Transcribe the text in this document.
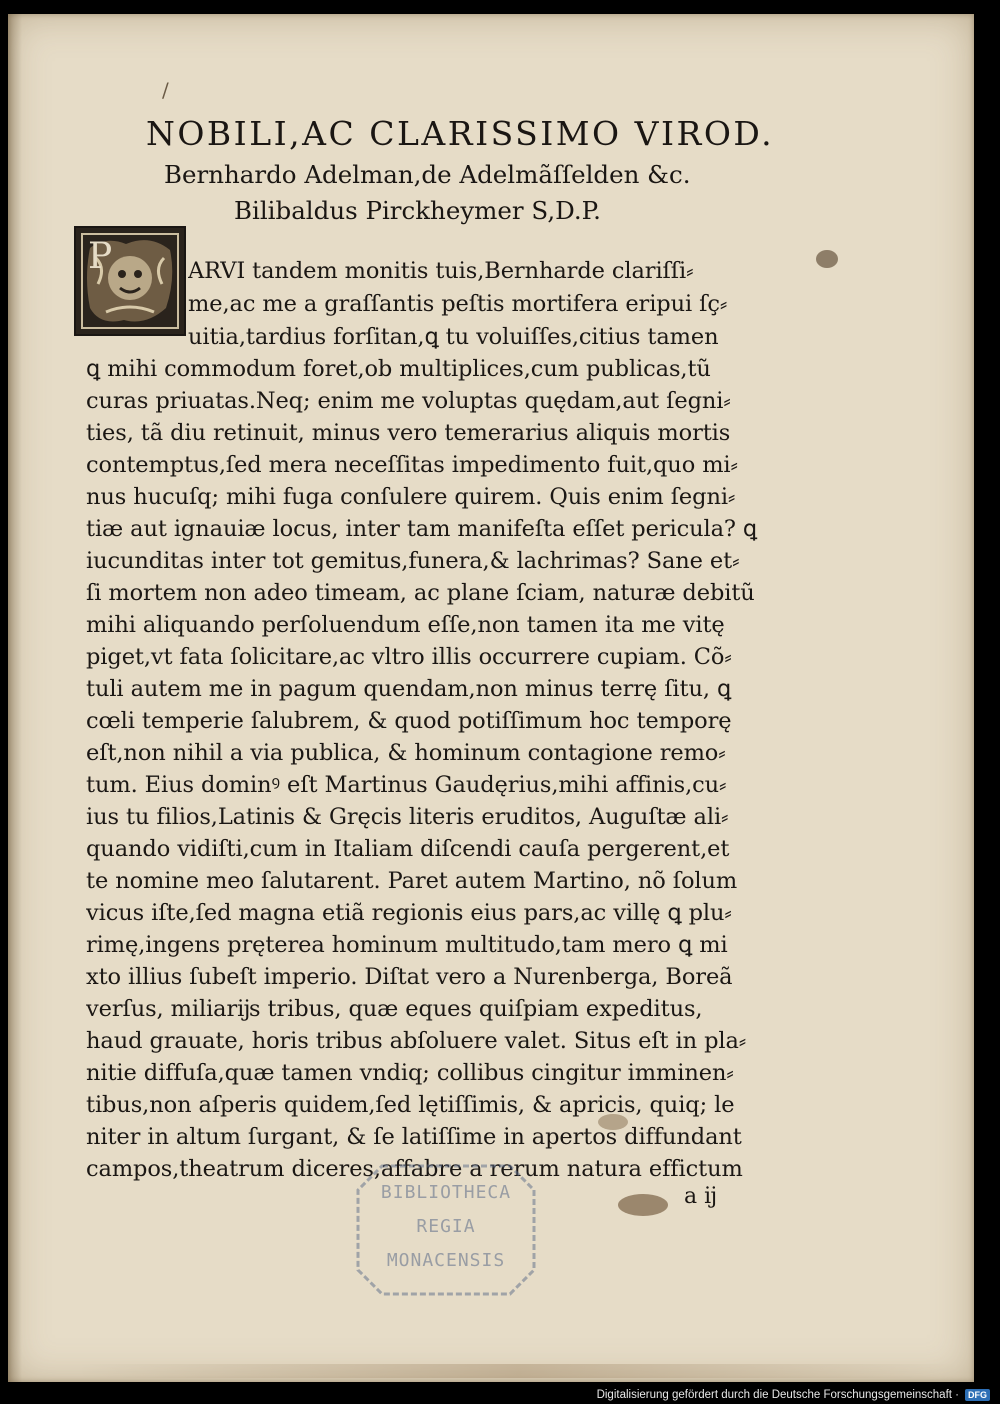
/
NOBILI,AC CLARISSIMO VIROD.
Bernhardo Adelman,de Adelmãſſelden &c.
Bilibaldus Pirckheymer S,D.P.
P	ARVI tandem monitis tuis,Bernharde clariſſi⸗
me,ac me a graſſantis peſtis mortifera eripui ſç⸗
uitia,tardius forſitan,ꝗ tu voluiſſes,citius tamen
ꝗ mihi commodum foret,ob multiplices,cum publicas,tũ
curas priuatas.Neq; enim me voluptas quędam,aut ſegni⸗
ties, tã diu retinuit, minus vero temerarius aliquis mortis
contemptus,ſed mera neceſſitas impedimento fuit,quo mi⸗
nus hucuſq; mihi fuga conſulere quirem. Quis enim ſegni⸗
tiæ aut ignauiæ locus, inter tam manifeſta eſſet pericula? ꝗ
iucunditas inter tot gemitus,funera,& lachrimas? Sane et⸗
ſi mortem non adeo timeam, ac plane ſciam, naturæ debitũ
mihi aliquando perſoluendum eſſe,non tamen ita me vitę
piget,vt fata ſolicitare,ac vltro illis occurrere cupiam. Cõ⸗
tuli autem me in pagum quendam,non minus terrę ſitu, ꝗ
cœli temperie ſalubrem, & quod potiſſimum hoc temporę
eſt,non nihil a via publica, & hominum contagione remo⸗
tum. Eius dominꝰ eſt Martinus Gaudęrius,mihi affinis,cu⸗
ius tu filios,Latinis & Gręcis literis eruditos, Auguſtæ ali⸗
quando vidiſti,cum in Italiam diſcendi cauſa pergerent,et
te nomine meo ſalutarent. Paret autem Martino, nõ ſolum
vicus iſte,ſed magna etiã regionis eius pars,ac villę ꝗ plu⸗
rimę,ingens pręterea hominum multitudo,tam mero ꝗ mi
xto illius ſubeſt imperio. Diſtat vero a Nurenberga, Boreã
verſus, miliarĳs tribus, quæ eques quiſpiam expeditus,
haud grauate, horis tribus abſoluere valet. Situs eſt in pla⸗
nitie diffuſa,quæ tamen vndiq; collibus cingitur imminen⸗
tibus,non aſperis quidem,ſed lętiſſimis, & apricis, quiq; le
niter in altum ſurgant, & ſe latiſſime in apertos diffundant
campos,theatrum diceres,affabre a rerum natura effictum
a ĳ
BIBLIOTHECA
REGIA
MONACENSIS
Digitalisierung gefördert durch die Deutsche Forschungsgemeinschaft ·	DFG
